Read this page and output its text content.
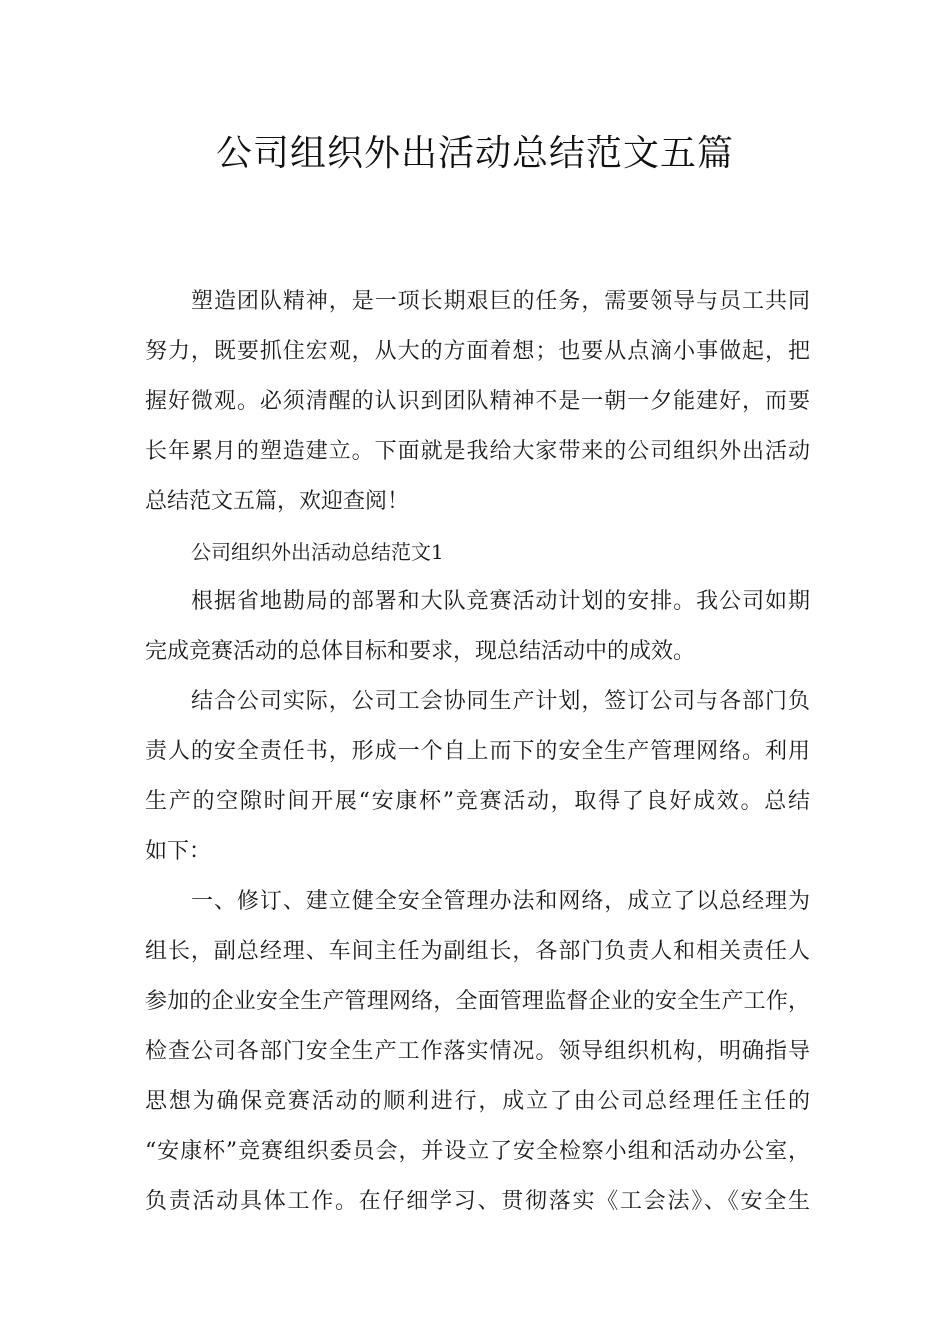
公司组织外出活动总结范文五篇
塑造团队精神，是一项长期艰巨的任务，需要领导与员工共同
努力，既要抓住宏观，从大的方面着想；也要从点滴小事做起，把
握好微观。必须清醒的认识到团队精神不是一朝一夕能建好，而要
长年累月的塑造建立。下面就是我给大家带来的公司组织外出活动
总结范文五篇，欢迎查阅！
公司组织外出活动总结范文1
根据省地勘局的部署和大队竞赛活动计划的安排。我公司如期
完成竞赛活动的总体目标和要求，现总结活动中的成效。
结合公司实际，公司工会协同生产计划，签订公司与各部门负
责人的安全责任书，形成一个自上而下的安全生产管理网络。利用
生产的空隙时间开展“安康杯”竞赛活动，取得了良好成效。总结
如下：
一、修订、建立健全安全管理办法和网络，成立了以总经理为
组长，副总经理、车间主任为副组长，各部门负责人和相关责任人
参加的企业安全生产管理网络，全面管理监督企业的安全生产工作，
检查公司各部门安全生产工作落实情况。领导组织机构，明确指导
思想为确保竞赛活动的顺利进行，成立了由公司总经理任主任的
“安康杯”竞赛组织委员会，并设立了安全检察小组和活动办公室，
负责活动具体工作。在仔细学习、贯彻落实《工会法》、《安全生
